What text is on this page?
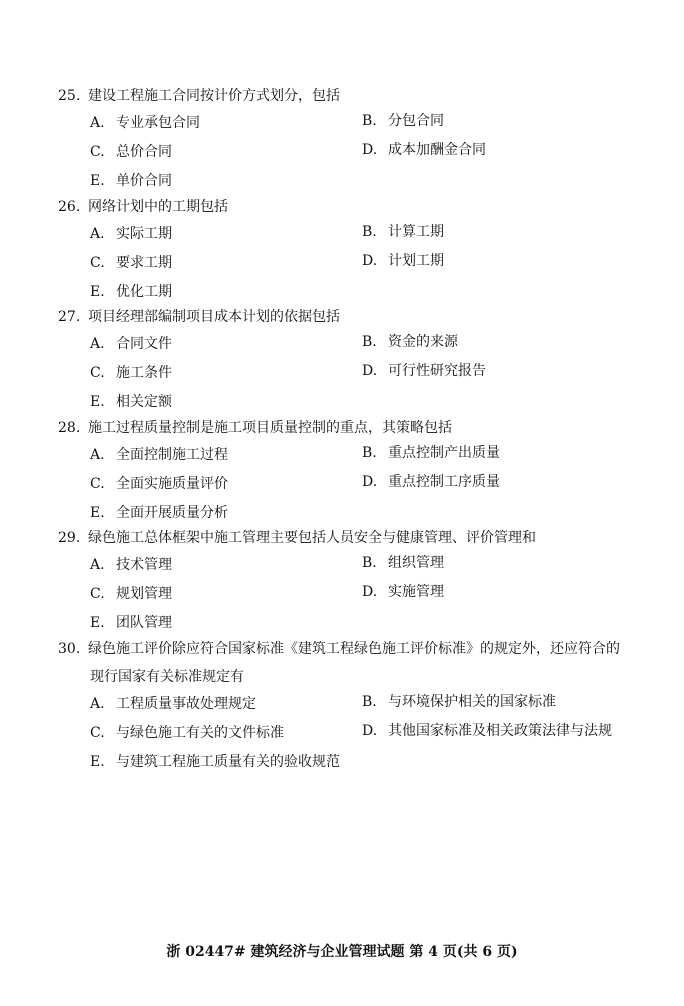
25. 建设工程施工合同按计价方式划分，包括
A. 专业承包合同	B. 分包合同
C. 总价合同	D. 成本加酬金合同
E. 单价合同
26. 网络计划中的工期包括
A. 实际工期	B. 计算工期
C. 要求工期	D. 计划工期
E. 优化工期
27. 项目经理部编制项目成本计划的依据包括
A. 合同文件	B. 资金的来源
C. 施工条件	D. 可行性研究报告
E. 相关定额
28. 施工过程质量控制是施工项目质量控制的重点，其策略包括
A. 全面控制施工过程	B. 重点控制产出质量
C. 全面实施质量评价	D. 重点控制工序质量
E. 全面开展质量分析
29. 绿色施工总体框架中施工管理主要包括人员安全与健康管理、评价管理和
A. 技术管理	B. 组织管理
C. 规划管理	D. 实施管理
E. 团队管理
30. 绿色施工评价除应符合国家标准《建筑工程绿色施工评价标准》的规定外，还应符合的
现行国家有关标准规定有
A. 工程质量事故处理规定	B. 与环境保护相关的国家标准
C. 与绿色施工有关的文件标准	D. 其他国家标准及相关政策法律与法规
E. 与建筑工程施工质量有关的验收规范
浙 02447# 建筑经济与企业管理试题 第 4 页(共 6 页)
